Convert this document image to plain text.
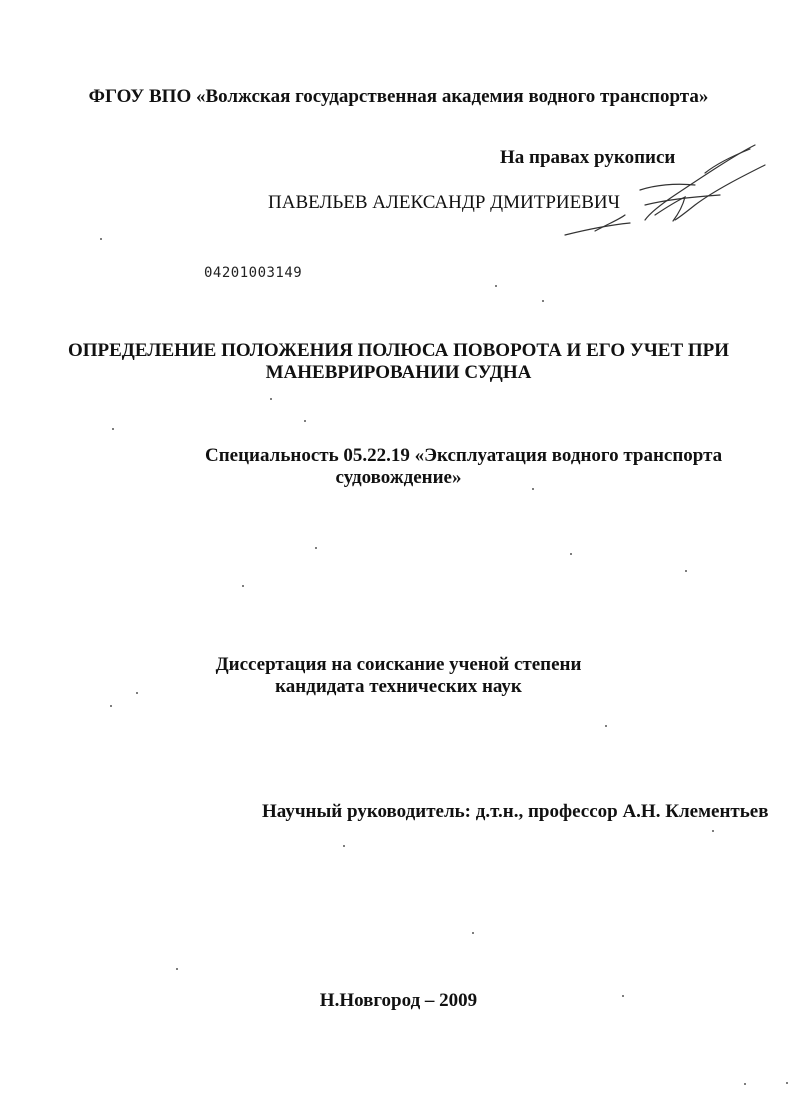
ФГОУ ВПО «Волжская государственная академия водного транспорта»
На правах рукописи
ПАВЕЛЬЕВ АЛЕКСАНДР ДМИТРИЕВИЧ
04201003149
ОПРЕДЕЛЕНИЕ ПОЛОЖЕНИЯ ПОЛЮСА ПОВОРОТА И ЕГО УЧЕТ ПРИ
МАНЕВРИРОВАНИИ СУДНА
Специальность 05.22.19 «Эксплуатация водного транспорта
судовождение»
Диссертация на соискание ученой степени
кандидата технических наук
Научный руководитель: д.т.н., профессор А.Н. Клементьев
Н.Новгород – 2009
